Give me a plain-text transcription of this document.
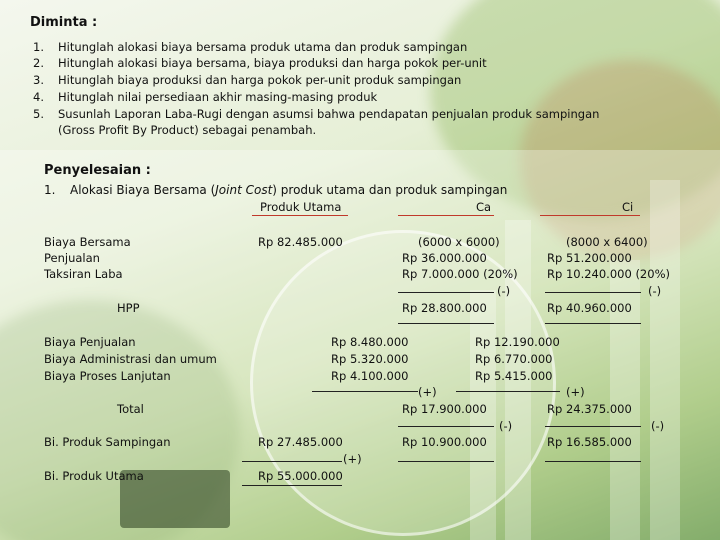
Diminta :
1. Hitunglah alokasi biaya bersama produk utama dan produk sampingan
2. Hitunglah alokasi biaya bersama, biaya produksi dan harga pokok per-unit
3. Hitunglah biaya produksi dan harga pokok per-unit produk sampingan
4. Hitunglah nilai persediaan akhir masing-masing produk
5. Susunlah Laporan Laba-Rugi dengan asumsi bahwa pendapatan penjualan produk sampingan
(Gross Profit By Product) sebagai penambah.
Penyelesaian :
1. Alokasi Biaya Bersama (Joint Cost) produk utama dan produk sampingan
Produk Utama	Ca	Ci
Biaya Bersama
Penjualan
Taksiran Laba
HPP
Biaya Penjualan
Biaya Administrasi dan umum
Biaya Proses Lanjutan
Total
Bi. Produk Sampingan
Bi. Produk Utama
Rp 82.485.000
Rp 8.480.000
Rp 5.320.000
Rp 4.100.000
Rp 27.485.000
(+)
Rp 55.000.000
(6000 x 6000)
Rp 36.000.000
Rp 7.000.000 (20%)
(-)
Rp 28.800.000
Rp 12.190.000
Rp 6.770.000
Rp 5.415.000
(+)
Rp 17.900.000
(-)
Rp 10.900.000
(8000 x 6400)
Rp 51.200.000
Rp 10.240.000 (20%)
(-)
Rp 40.960.000
(+)
Rp 24.375.000
(-)
Rp 16.585.000
